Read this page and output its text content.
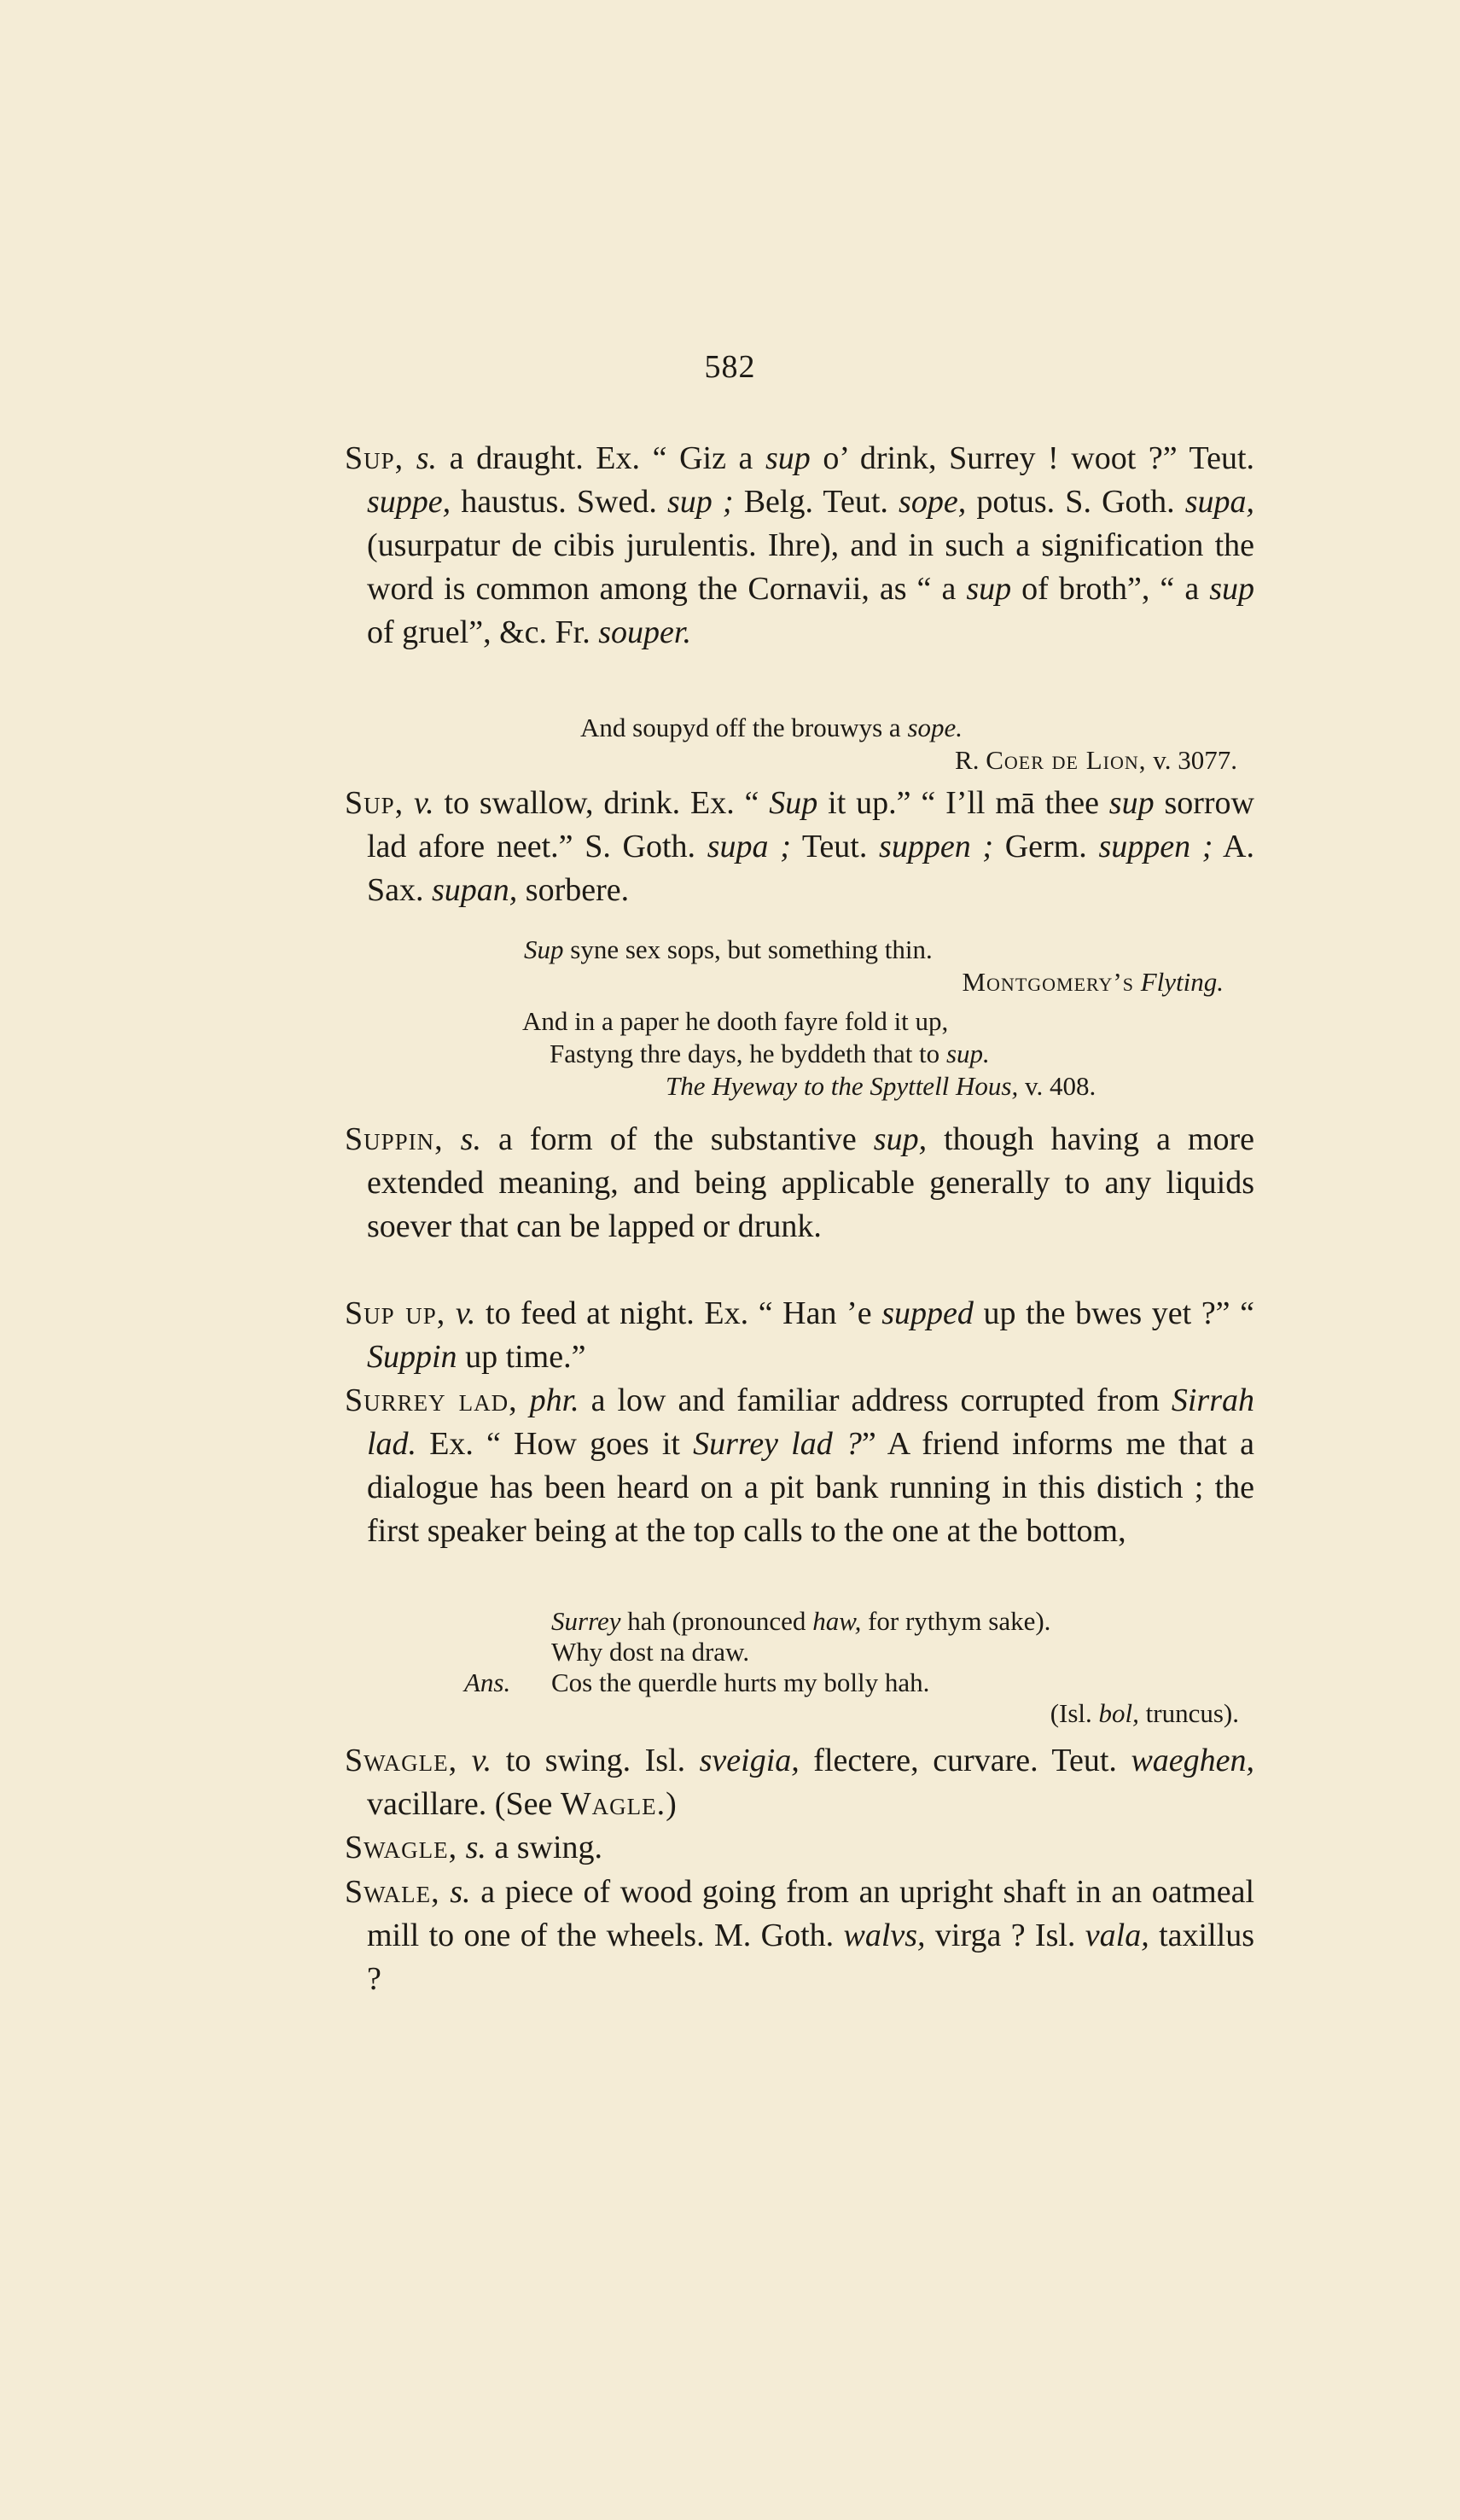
582

Sup, s. a draught. Ex. “ Giz a sup o’ drink, Surrey ! woot ?” Teut. suppe, haustus. Swed. sup ; Belg. Teut. sope, potus. S. Goth. supa, (usurpatur de cibis jurulentis. Ihre), and in such a signification the word is common among the Cornavii, as “ a sup of broth”, “ a sup of gruel”, &c. Fr. souper.

And soupyd off the brouwys a sope.
R. Coer de Lion, v. 3077.

Sup, v. to swallow, drink. Ex. “ Sup it up.” “ I’ll mā thee sup sorrow lad afore neet.” S. Goth. supa ; Teut. suppen ; Germ. suppen ; A. Sax. supan, sorbere.

Sup syne sex sops, but something thin.
Montgomery’s Flyting.
And in a paper he dooth fayre fold it up,
Fastyng thre days, he byddeth that to sup.
The Hyeway to the Spyttell Hous, v. 408.

Suppin, s. a form of the substantive sup, though having a more extended meaning, and being applicable generally to any liquids soever that can be lapped or drunk.

Sup up, v. to feed at night. Ex. “ Han ’e supped up the bwes yet ?” “ Suppin up time.”

Surrey lad, phr. a low and familiar address corrupted from Sirrah lad. Ex. “ How goes it Surrey lad ?” A friend informs me that a dialogue has been heard on a pit bank running in this distich ; the first speaker being at the top calls to the one at the bottom,

Surrey hah (pronounced haw, for rythym sake).
Why dost na draw.
Ans. Cos the querdle hurts my bolly hah.
(Isl. bol, truncus).

Swagle, v. to swing. Isl. sveigia, flectere, curvare. Teut. waeghen, vacillare. (See Wagle.)

Swagle, s. a swing.

Swale, s. a piece of wood going from an upright shaft in an oatmeal mill to one of the wheels. M. Goth. walvs, virga ? Isl. vala, taxillus ?
